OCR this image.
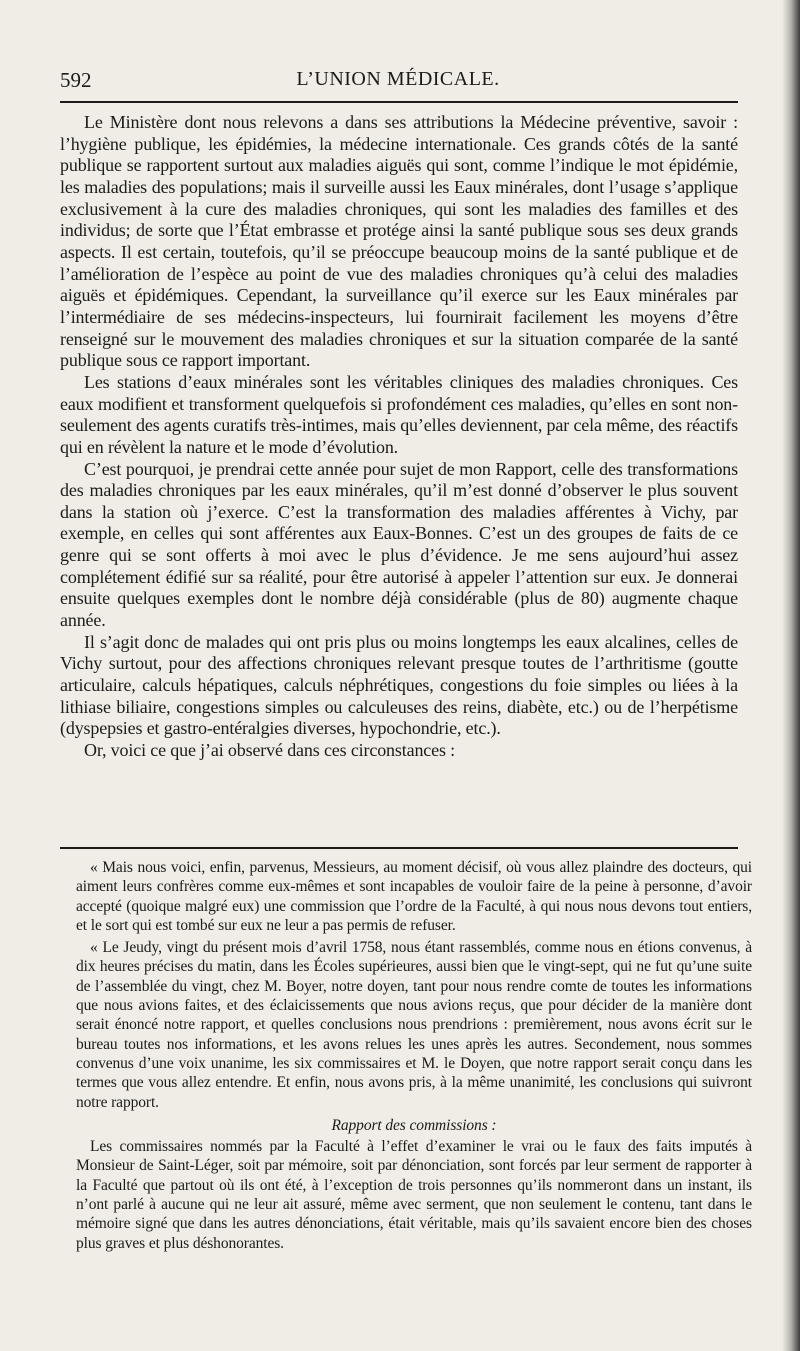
592	L’UNION MÉDICALE.

Le Ministère dont nous relevons a dans ses attributions la Médecine préventive, savoir : l’hygiène publique, les épidémies, la médecine internationale. Ces grands côtés de la santé publique se rapportent surtout aux maladies aiguës qui sont, comme l’indique le mot épidémie, les maladies des populations; mais il surveille aussi les Eaux minérales, dont l’usage s’applique exclusivement à la cure des maladies chroniques, qui sont les maladies des familles et des individus; de sorte que l’État embrasse et protége ainsi la santé publique sous ses deux grands aspects. Il est certain, toutefois, qu’il se préoccupe beaucoup moins de la santé publique et de l’amélioration de l’espèce au point de vue des maladies chroniques qu’à celui des maladies aiguës et épidémiques. Cependant, la surveillance qu’il exerce sur les Eaux minérales par l’intermédiaire de ses médecins-inspecteurs, lui fournirait facilement les moyens d’être renseigné sur le mouvement des maladies chroniques et sur la situation comparée de la santé publique sous ce rapport important.

Les stations d’eaux minérales sont les véritables cliniques des maladies chroniques. Ces eaux modifient et transforment quelquefois si profondément ces maladies, qu’elles en sont non-seulement des agents curatifs très-intimes, mais qu’elles deviennent, par cela même, des réactifs qui en révèlent la nature et le mode d’évolution.

C’est pourquoi, je prendrai cette année pour sujet de mon Rapport, celle des transformations des maladies chroniques par les eaux minérales, qu’il m’est donné d’observer le plus souvent dans la station où j’exerce. C’est la transformation des maladies afférentes à Vichy, par exemple, en celles qui sont afférentes aux Eaux-Bonnes. C’est un des groupes de faits de ce genre qui se sont offerts à moi avec le plus d’évidence. Je me sens aujourd’hui assez complétement édifié sur sa réalité, pour être autorisé à appeler l’attention sur eux. Je donnerai ensuite quelques exemples dont le nombre déjà considérable (plus de 80) augmente chaque année.

Il s’agit donc de malades qui ont pris plus ou moins longtemps les eaux alcalines, celles de Vichy surtout, pour des affections chroniques relevant presque toutes de l’arthritisme (goutte articulaire, calculs hépatiques, calculs néphrétiques, congestions du foie simples ou liées à la lithiase biliaire, congestions simples ou calculeuses des reins, diabète, etc.) ou de l’herpétisme (dyspepsies et gastro-entéralgies diverses, hypochondrie, etc.).

Or, voici ce que j’ai observé dans ces circonstances :

« Mais nous voici, enfin, parvenus, Messieurs, au moment décisif, où vous allez plaindre des docteurs, qui aiment leurs confrères comme eux-mêmes et sont incapables de vouloir faire de la peine à personne, d’avoir accepté (quoique malgré eux) une commission que l’ordre de la Faculté, à qui nous nous devons tout entiers, et le sort qui est tombé sur eux ne leur a pas permis de refuser.

« Le Jeudy, vingt du présent mois d’avril 1758, nous étant rassemblés, comme nous en étions convenus, à dix heures précises du matin, dans les Écoles supérieures, aussi bien que le vingt-sept, qui ne fut qu’une suite de l’assemblée du vingt, chez M. Boyer, notre doyen, tant pour nous rendre comte de toutes les informations que nous avions faites, et des éclaicissements que nous avions reçus, que pour décider de la manière dont serait énoncé notre rapport, et quelles conclusions nous prendrions : premièrement, nous avons écrit sur le bureau toutes nos informations, et les avons relues les unes après les autres. Secondement, nous sommes convenus d’une voix unanime, les six commissaires et M. le Doyen, que notre rapport serait conçu dans les termes que vous allez entendre. Et enfin, nous avons pris, à la même unanimité, les conclusions qui suivront notre rapport.

Rapport des commissions :

Les commissaires nommés par la Faculté à l’effet d’examiner le vrai ou le faux des faits imputés à Monsieur de Saint-Léger, soit par mémoire, soit par dénonciation, sont forcés par leur serment de rapporter à la Faculté que partout où ils ont été, à l’exception de trois personnes qu’ils nommeront dans un instant, ils n’ont parlé à aucune qui ne leur ait assuré, même avec serment, que non seulement le contenu, tant dans le mémoire signé que dans les autres dénonciations, était véritable, mais qu’ils savaient encore bien des choses plus graves et plus déshonorantes.
